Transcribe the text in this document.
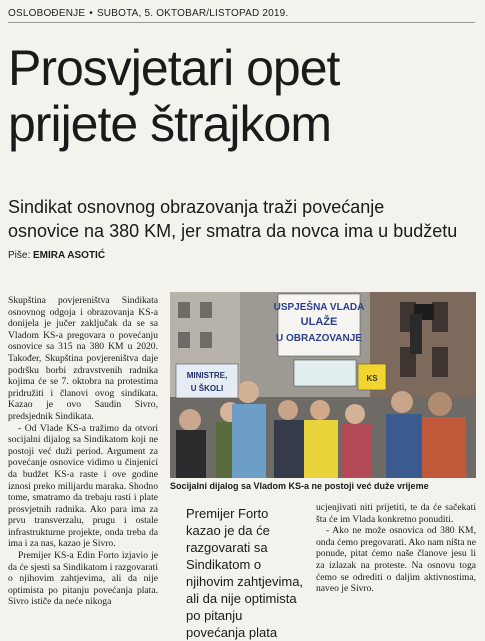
OSLOBOĐENJE • SUBOTA, 5. OKTOBAR/LISTOPAD 2019.
Prosvjetari opet
prijete štrajkom
Sindikat osnovnog obrazovanja traži povećanje
osnovice na 380 KM, jer smatra da novca ima u budžetu
Piše: EMIRA ASOTIĆ

Skupština povjereništva Sindikata osnovnog odgoja i obrazovanja KS-a donijela je jučer zaključak da se sa Vladom KS-a pregovara o povećanju osnovice sa 315 na 380 KM u 2020. Također, Skupština povjereništva daje podršku borbi zdravstvenih radnika kojima će se 7. oktobra na protestima pridružiti i članovi ovog sindikata. Kazao je ovo Saudin Sivro, predsjednik Sindikata.

- Od Vlade KS-a tražimo da otvori socijalni dijalog sa Sindikatom koji ne postoji već duži period. Argument za povećanje osnovice vidimo u činjenici da budžet KS-a raste i ove godine iznosi preko milijardu maraka. Shodno tome, smatramo da trebaju rasti i plate prosvjetnih radnika. Ako para ima za prvu transverzalu, prugu i ostale infrastrukturne projekte, onda treba da ima i za nas, kazao je Sivro.

Premijer KS-a Edin Forto izjavio je da će sjesti sa Sindikatom i razgovarati o njihovim zahtjevima, ali da nije optimista po pitanju povećanja plata. Sivro ističe da neće nikoga

USPJEŠNA VLADA
ULAŽE
U OBRAZOVANJE
MINISTRE,
U ŠKOLI
KS
Socijalni dijalog sa Vladom KS-a ne postoji već duže vrijeme
Premijer Forto kazao je da će razgovarati sa Sindikatom o njihovim zahtjevima, ali da nije optimista po pitanju povećanja plata

ucjenjivati niti prijetiti, te da će sačekati šta će im Vlada konkretno ponuditi.

- Ako ne može osnovica od 380 KM, onda ćemo pregovarati. Ako nam ništa ne ponude, pitat ćemo naše članove jesu li za izlazak na proteste. Na osnovu toga ćemo se odrediti o daljim aktivnostima, naveo je Sivro.
